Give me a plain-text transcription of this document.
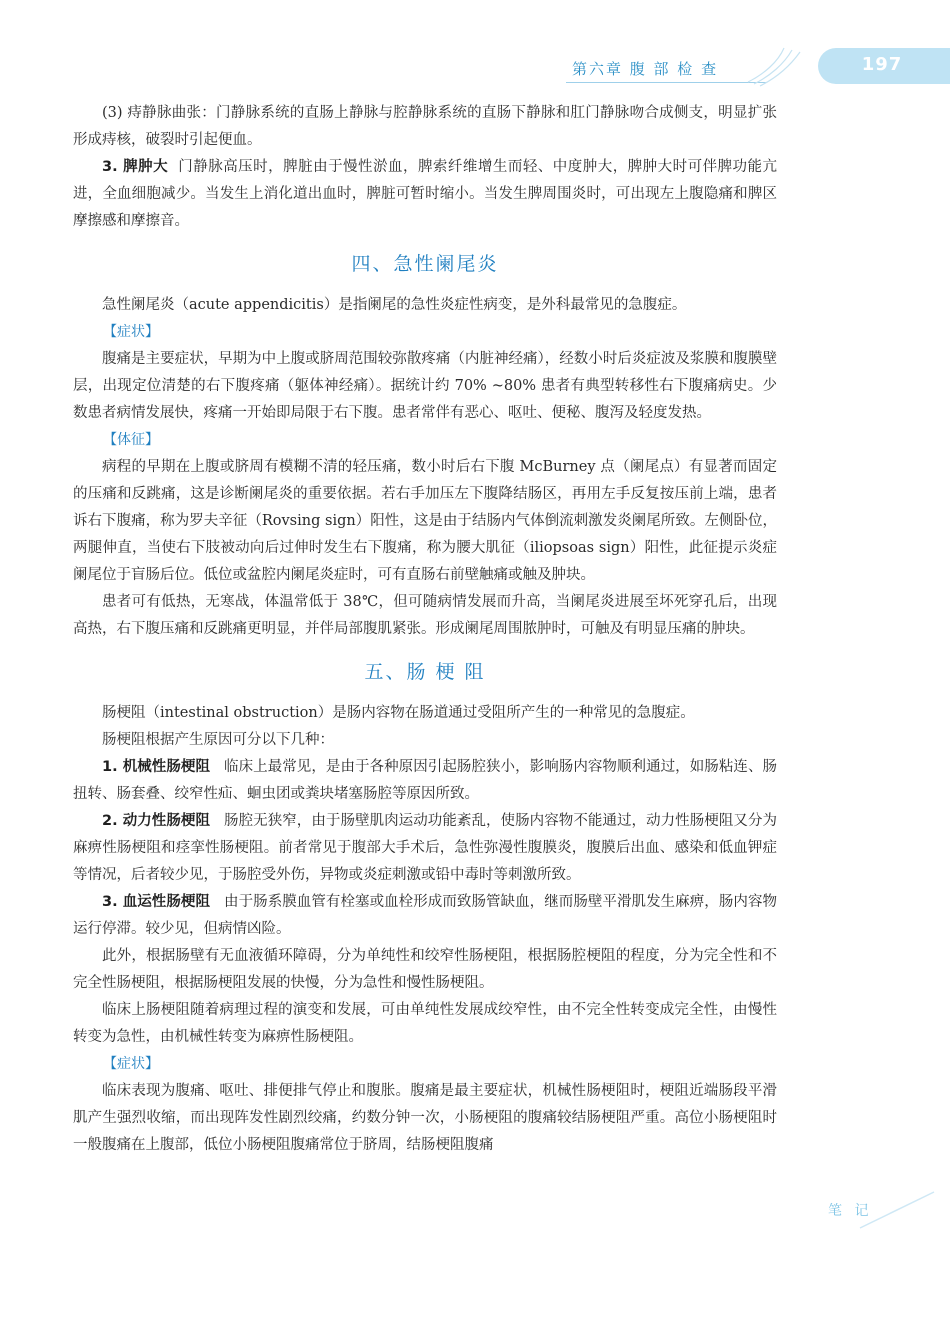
第六章 腹 部 检 查	197

(3) 痔静脉曲张：门静脉系统的直肠上静脉与腔静脉系统的直肠下静脉和肛门静脉吻合成侧支，明显扩张形成痔核，破裂时引起便血。

3. 脾肿大 门静脉高压时，脾脏由于慢性淤血，脾索纤维增生而轻、中度肿大，脾肿大时可伴脾功能亢进，全血细胞减少。当发生上消化道出血时，脾脏可暂时缩小。当发生脾周围炎时，可出现左上腹隐痛和脾区摩擦感和摩擦音。

四、急性阑尾炎

急性阑尾炎（acute appendicitis）是指阑尾的急性炎症性病变，是外科最常见的急腹症。

【症状】

腹痛是主要症状，早期为中上腹或脐周范围较弥散疼痛（内脏神经痛），经数小时后炎症波及浆膜和腹膜壁层，出现定位清楚的右下腹疼痛（躯体神经痛）。据统计约 70% ~80% 患者有典型转移性右下腹痛病史。少数患者病情发展快，疼痛一开始即局限于右下腹。患者常伴有恶心、呕吐、便秘、腹泻及轻度发热。

【体征】

病程的早期在上腹或脐周有模糊不清的轻压痛，数小时后右下腹 McBurney 点（阑尾点）有显著而固定的压痛和反跳痛，这是诊断阑尾炎的重要依据。若右手加压左下腹降结肠区，再用左手反复按压前上端，患者诉右下腹痛，称为罗夫辛征（Rovsing sign）阳性，这是由于结肠内气体倒流刺激发炎阑尾所致。左侧卧位，两腿伸直，当使右下肢被动向后过伸时发生右下腹痛，称为腰大肌征（iliopsoas sign）阳性，此征提示炎症阑尾位于盲肠后位。低位或盆腔内阑尾炎症时，可有直肠右前壁触痛或触及肿块。

患者可有低热，无寒战，体温常低于 38℃，但可随病情发展而升高，当阑尾炎进展至坏死穿孔后，出现高热，右下腹压痛和反跳痛更明显，并伴局部腹肌紧张。形成阑尾周围脓肿时，可触及有明显压痛的肿块。

五、肠 梗 阻

肠梗阻（intestinal obstruction）是肠内容物在肠道通过受阻所产生的一种常见的急腹症。

肠梗阻根据产生原因可分以下几种：

1. 机械性肠梗阻 临床上最常见，是由于各种原因引起肠腔狭小，影响肠内容物顺利通过，如肠粘连、肠扭转、肠套叠、绞窄性疝、蛔虫团或粪块堵塞肠腔等原因所致。

2. 动力性肠梗阻 肠腔无狭窄，由于肠壁肌肉运动功能紊乱，使肠内容物不能通过，动力性肠梗阻又分为麻痹性肠梗阻和痉挛性肠梗阻。前者常见于腹部大手术后，急性弥漫性腹膜炎，腹膜后出血、感染和低血钾症等情况，后者较少见，于肠腔受外伤，异物或炎症刺激或铅中毒时等刺激所致。

3. 血运性肠梗阻 由于肠系膜血管有栓塞或血栓形成而致肠管缺血，继而肠壁平滑肌发生麻痹，肠内容物运行停滞。较少见，但病情凶险。

此外，根据肠壁有无血液循环障碍，分为单纯性和绞窄性肠梗阻，根据肠腔梗阻的程度，分为完全性和不完全性肠梗阻，根据肠梗阻发展的快慢，分为急性和慢性肠梗阻。

临床上肠梗阻随着病理过程的演变和发展，可由单纯性发展成绞窄性，由不完全性转变成完全性，由慢性转变为急性，由机械性转变为麻痹性肠梗阻。

【症状】

临床表现为腹痛、呕吐、排便排气停止和腹胀。腹痛是最主要症状，机械性肠梗阻时，梗阻近端肠段平滑肌产生强烈收缩，而出现阵发性剧烈绞痛，约数分钟一次，小肠梗阻的腹痛较结肠梗阻严重。高位小肠梗阻时一般腹痛在上腹部，低位小肠梗阻腹痛常位于脐周，结肠梗阻腹痛

笔 记
